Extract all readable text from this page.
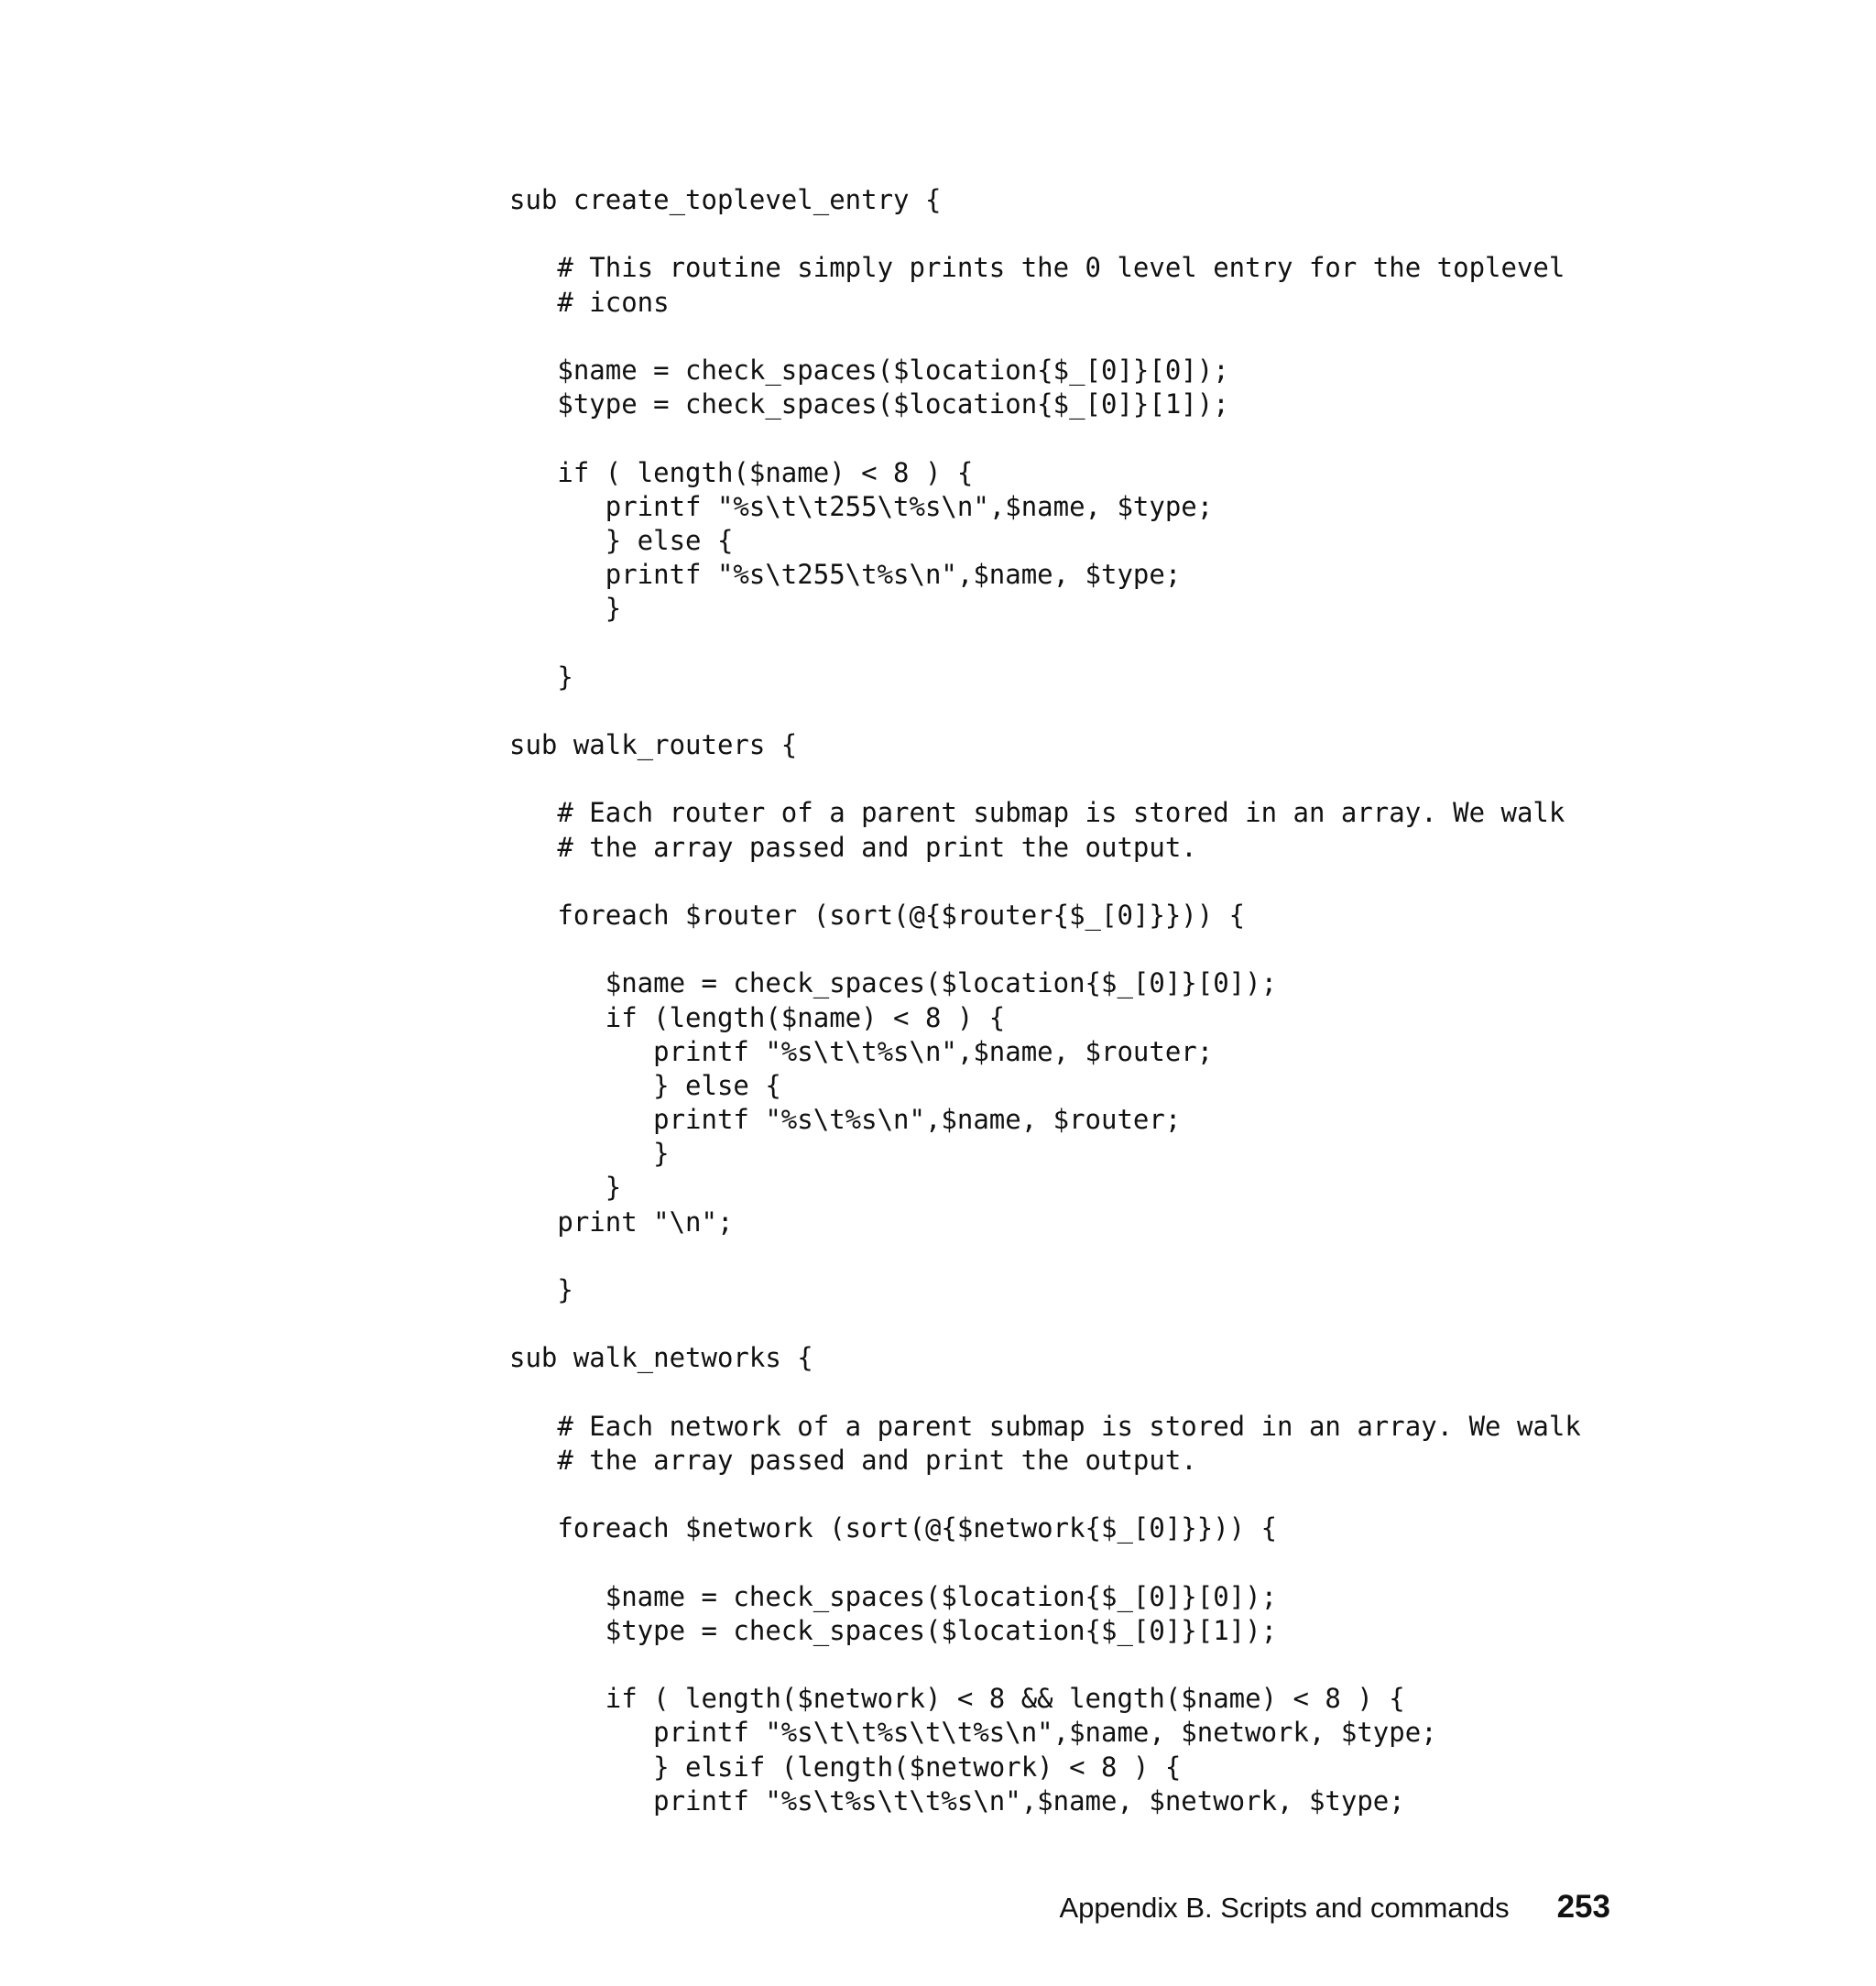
sub create_toplevel_entry {
# This routine simply prints the 0 level entry for the toplevel
# icons
$name = check_spaces($location{$_[0]}[0]);
$type = check_spaces($location{$_[0]}[1]);
if ( length($name) < 8 ) {
printf "%s\t\t255\t%s\n",$name, $type;
} else {
printf "%s\t255\t%s\n",$name, $type;
}
}
sub walk_routers {
# Each router of a parent submap is stored in an array. We walk
# the array passed and print the output.
foreach $router (sort(@{$router{$_[0]}})) {
$name = check_spaces($location{$_[0]}[0]);
if (length($name) < 8 ) {
printf "%s\t\t%s\n",$name, $router;
} else {
printf "%s\t%s\n",$name, $router;
}
}
print "\n";
}
sub walk_networks {
# Each network of a parent submap is stored in an array. We walk
# the array passed and print the output.
foreach $network (sort(@{$network{$_[0]}})) {
$name = check_spaces($location{$_[0]}[0]);
$type = check_spaces($location{$_[0]}[1]);
if ( length($network) < 8 && length($name) < 8 ) {
printf "%s\t\t%s\t\t%s\n",$name, $network, $type;
} elsif (length($network) < 8 ) {
printf "%s\t%s\t\t%s\n",$name, $network, $type;
Appendix B. Scripts and commands 253
